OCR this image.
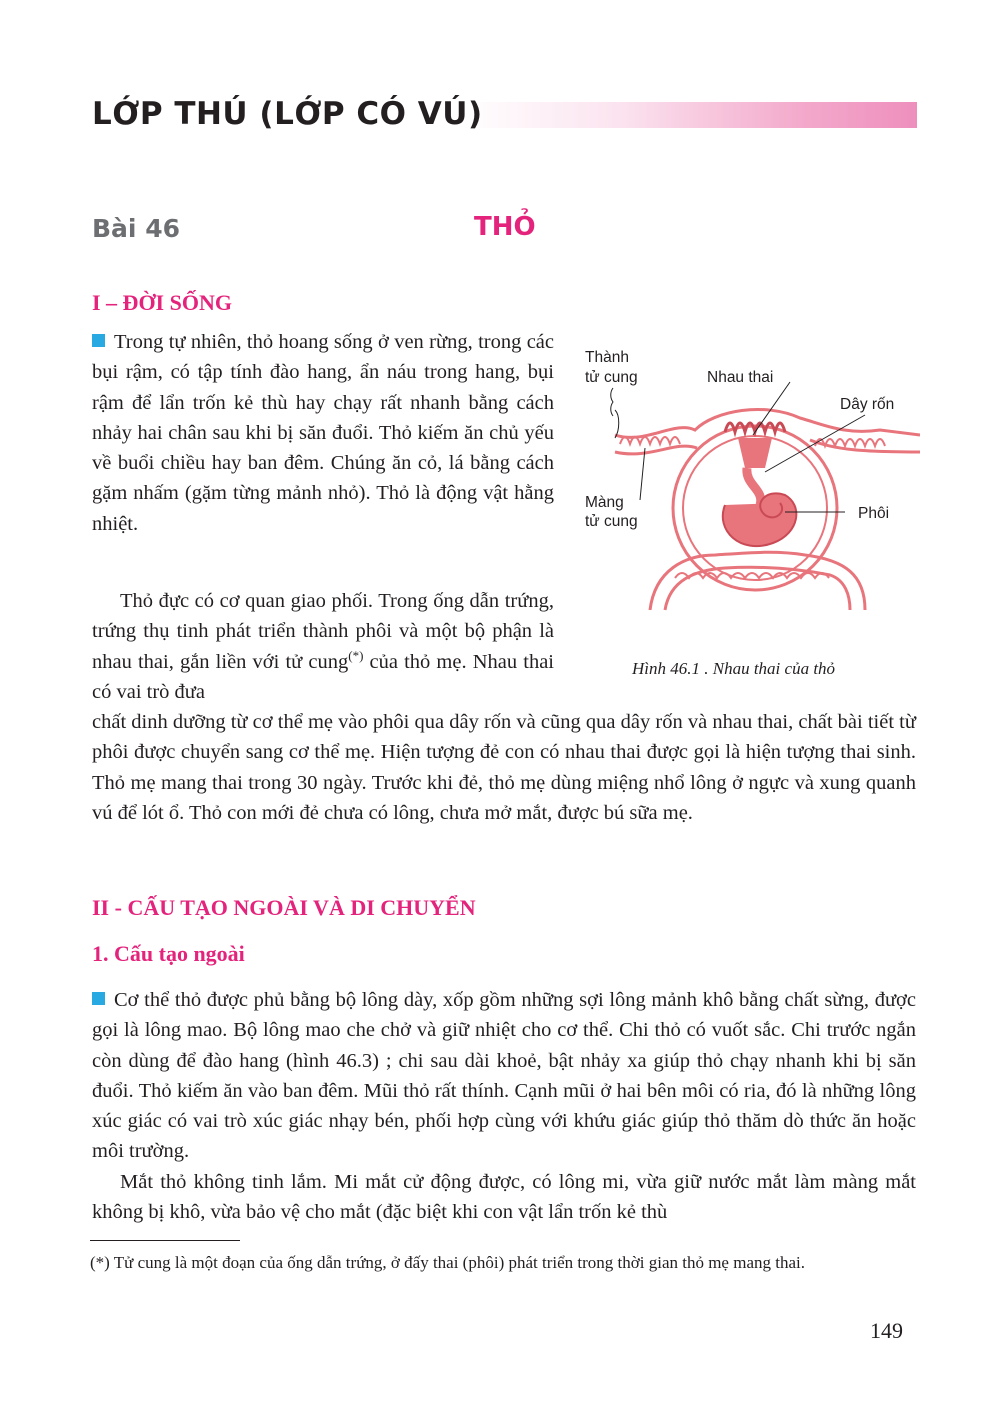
LỚP THÚ (LỚP CÓ VÚ)
Bài 46	THỎ
I – ĐỜI SỐNG

Trong tự nhiên, thỏ hoang sống ở ven rừng, trong các bụi rậm, có tập tính đào hang, ẩn náu trong hang, bụi rậm để lẩn trốn kẻ thù hay chạy rất nhanh bằng cách nhảy hai chân sau khi bị săn đuổi. Thỏ kiếm ăn chủ yếu về buổi chiều hay ban đêm. Chúng ăn cỏ, lá bằng cách gặm nhấm (gặm từng mảnh nhỏ). Thỏ là động vật hằng nhiệt.

Thỏ đực có cơ quan giao phối. Trong ống dẫn trứng, trứng thụ tinh phát triển thành phôi và một bộ phận là nhau thai, gắn liền với tử cung(*) của thỏ mẹ. Nhau thai có vai trò đưa

chất dinh dưỡng từ cơ thể mẹ vào phôi qua dây rốn và cũng qua dây rốn và nhau thai, chất bài tiết từ phôi được chuyển sang cơ thể mẹ. Hiện tượng đẻ con có nhau thai được gọi là hiện tượng thai sinh. Thỏ mẹ mang thai trong 30 ngày. Trước khi đẻ, thỏ mẹ dùng miệng nhổ lông ở ngực và xung quanh vú để lót ổ. Thỏ con mới đẻ chưa có lông, chưa mở mắt, được bú sữa mẹ.

Thành
tử cung	Nhau thai
Dây rốn
Màng
tử cung	Phôi
Hình 46.1 . Nhau thai của thỏ
II - CẤU TẠO NGOÀI VÀ DI CHUYỂN
1. Cấu tạo ngoài

Cơ thể thỏ được phủ bằng bộ lông dày, xốp gồm những sợi lông mảnh khô bằng chất sừng, được gọi là lông mao. Bộ lông mao che chở và giữ nhiệt cho cơ thể. Chi thỏ có vuốt sắc. Chi trước ngắn còn dùng để đào hang (hình 46.3) ; chi sau dài khoẻ, bật nhảy xa giúp thỏ chạy nhanh khi bị săn đuổi. Thỏ kiếm ăn vào ban đêm. Mũi thỏ rất thính. Cạnh mũi ở hai bên môi có ria, đó là những lông xúc giác có vai trò xúc giác nhạy bén, phối hợp cùng với khứu giác giúp thỏ thăm dò thức ăn hoặc môi trường.

Mắt thỏ không tinh lắm. Mi mắt cử động được, có lông mi, vừa giữ nước mắt làm màng mắt không bị khô, vừa bảo vệ cho mắt (đặc biệt khi con vật lẩn trốn kẻ thù

(*) Tử cung là một đoạn của ống dẫn trứng, ở đấy thai (phôi) phát triển trong thời gian thỏ mẹ mang thai.

149
